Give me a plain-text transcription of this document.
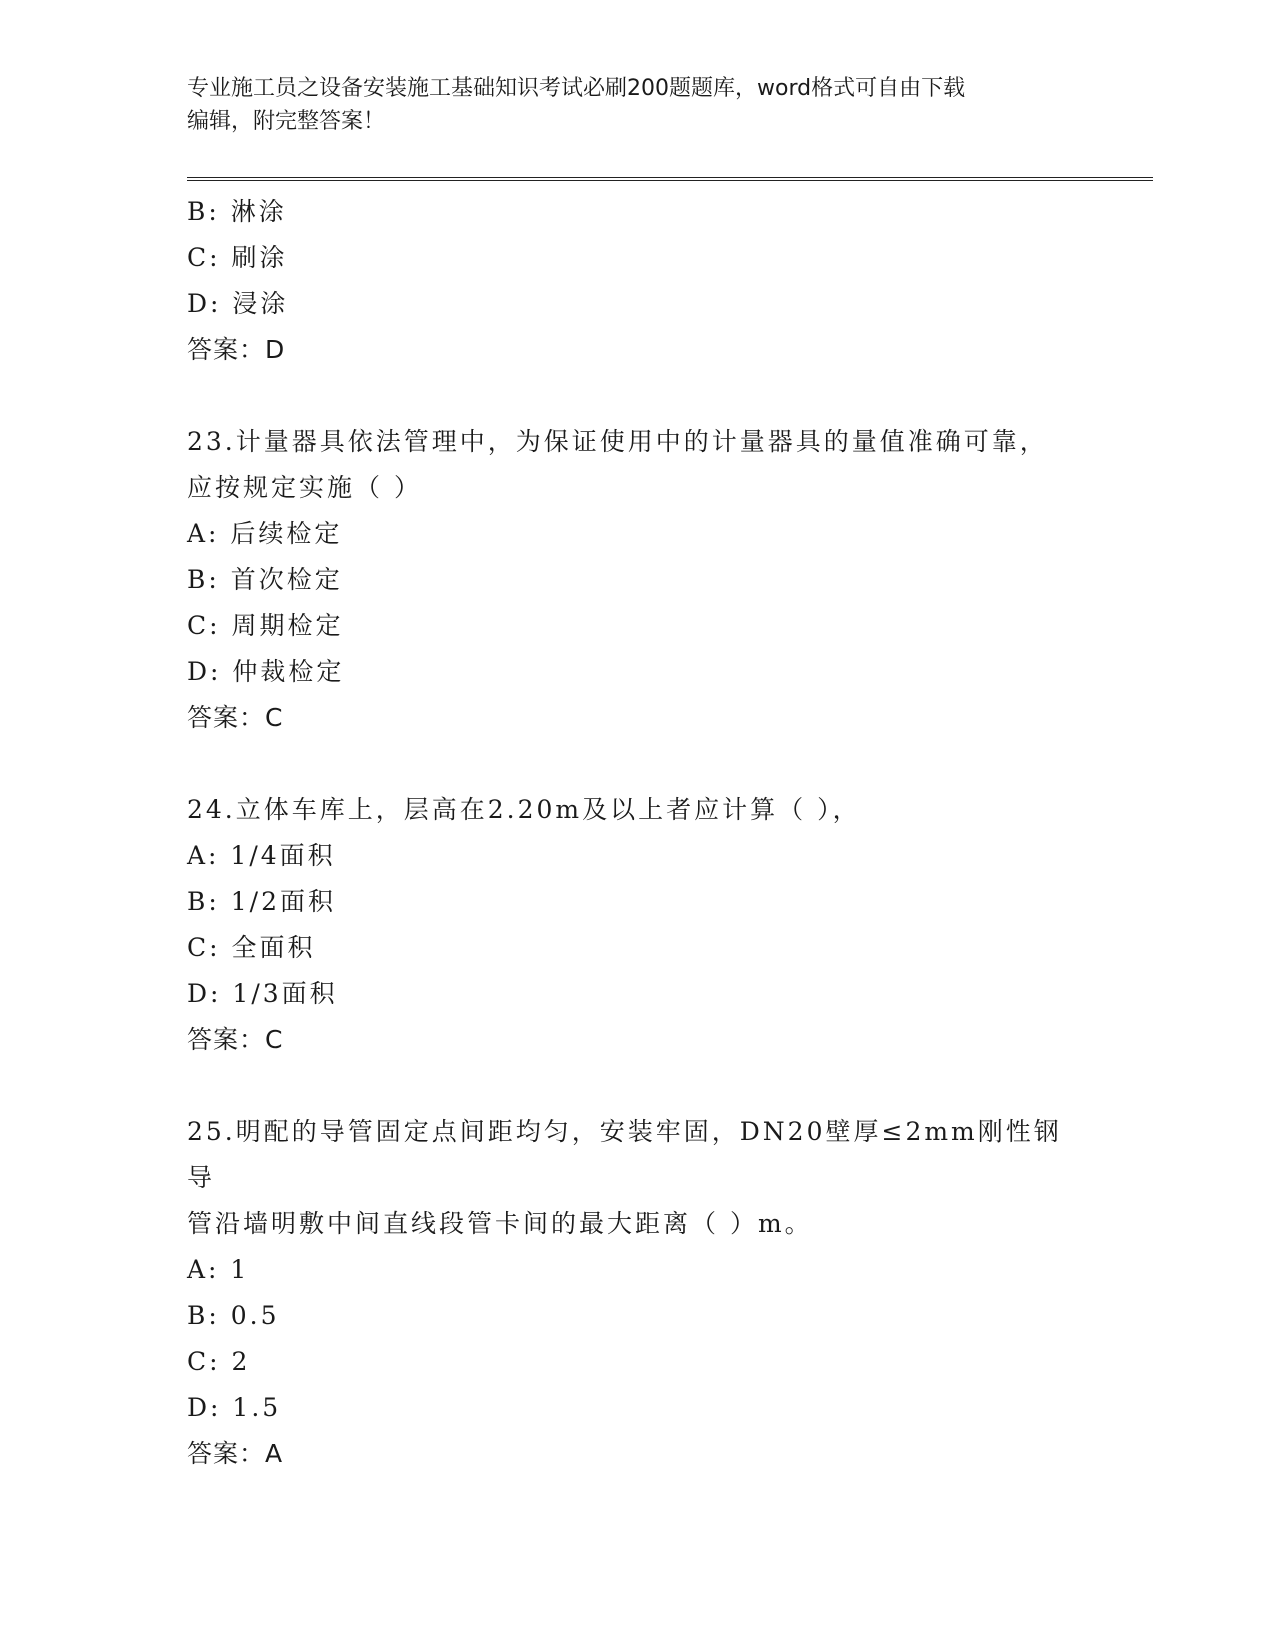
专业施工员之设备安装施工基础知识考试必刷200题题库，word格式可自由下载
编辑，附完整答案！
B: 淋涂
C: 刷涂
D: 浸涂
答案：D
23.计量器具依法管理中，为保证使用中的计量器具的量值准确可靠，
应按规定实施（ ）
A: 后续检定
B: 首次检定
C: 周期检定
D: 仲裁检定
答案：C
24.立体车库上，层高在2.20m及以上者应计算（ ），
A: 1/4面积
B: 1/2面积
C: 全面积
D: 1/3面积
答案：C
25.明配的导管固定点间距均匀，安装牢固，DN20壁厚≤2mm刚性钢导
管沿墙明敷中间直线段管卡间的最大距离（ ）m。
A: 1
B: 0.5
C: 2
D: 1.5
答案：A
